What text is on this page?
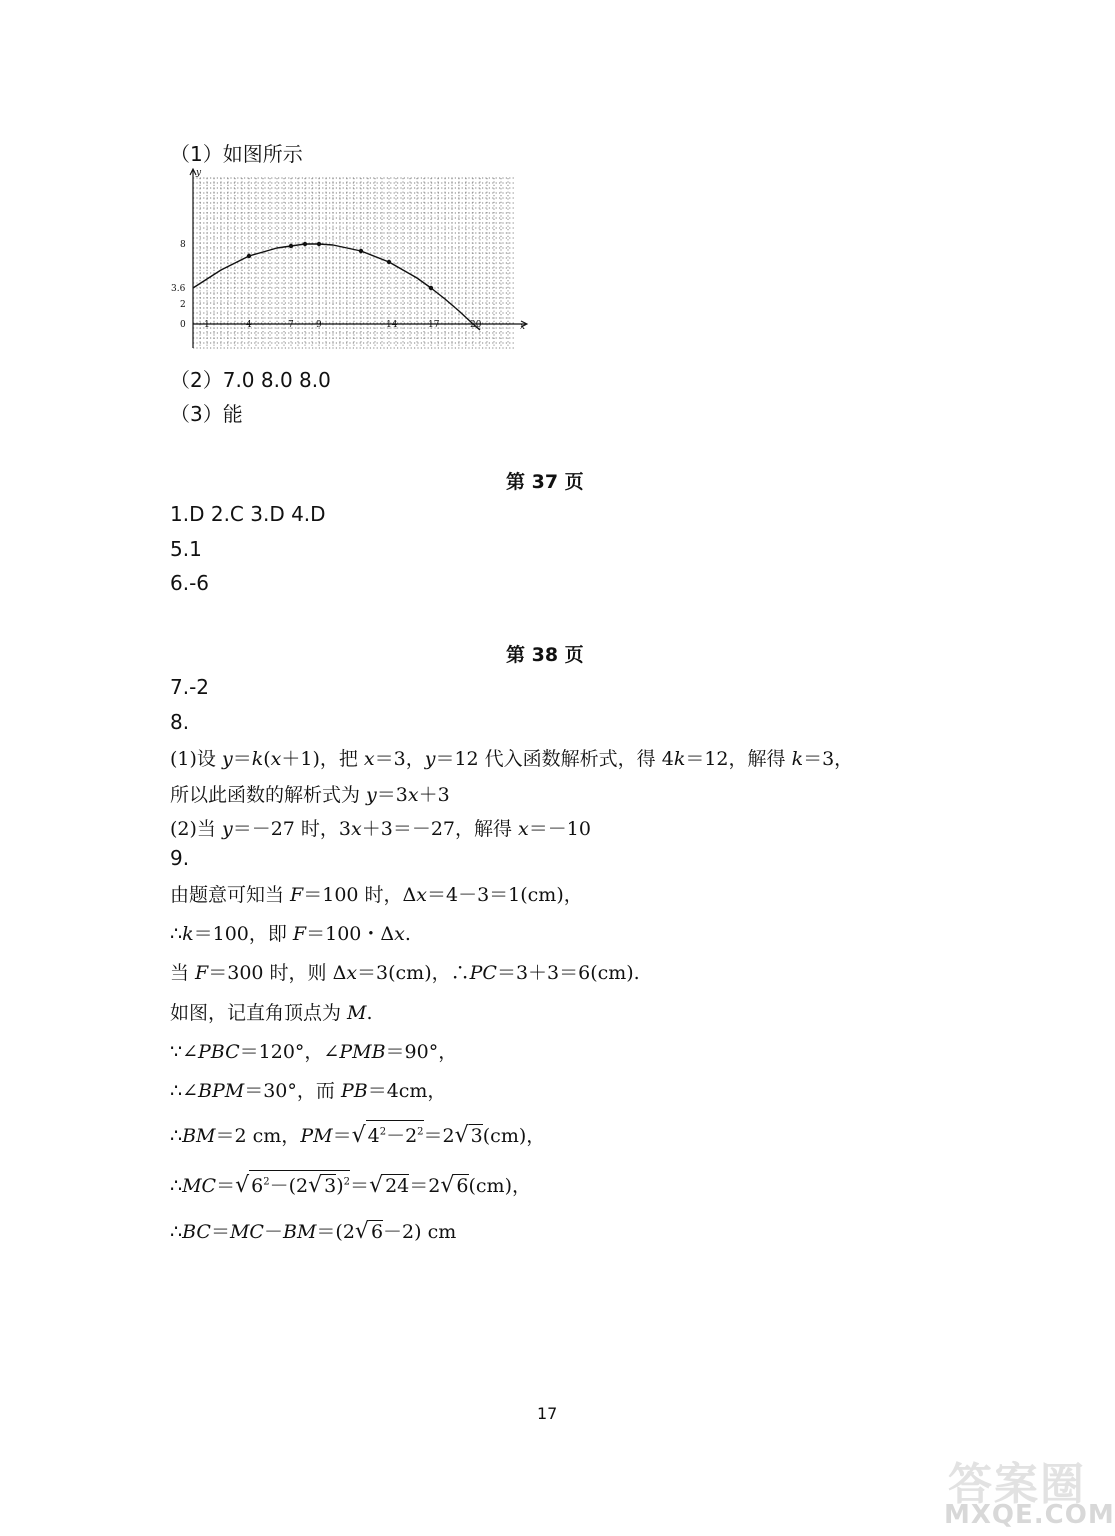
（1）如图所示
y
x
0
2
3.6
8
1	4	7 9	14	17	20
（2）7.0 8.0 8.0
（3）能
第 37 页
1.D 2.C 3.D 4.D
5.1
6.-6
第 38 页
7.-2
8.
(1)设 y＝k(x＋1)，把 x＝3，y＝12 代入函数解析式，得 4k＝12，解得 k＝3，
所以此函数的解析式为 y＝3x＋3
(2)当 y＝－27 时，3x＋3＝－27，解得 x＝－10
9.
由题意可知当 F＝100 时，Δx＝4－3＝1(cm)，
∴k＝100，即 F＝100・Δx.
当 F＝300 时，则 Δx＝3(cm)，∴PC＝3＋3＝6(cm).
如图，记直角顶点为 M.
∵∠PBC＝120°，∠PMB＝90°，
∴∠BPM＝30°，而 PB＝4cm，
∴BM＝2 cm，PM＝√ $4^2-2^2=2√$ 3(cm)，
∴MC＝√ $6^2-(2√$ 3)$^2$＝√ 24＝2√ 6(cm)，
∴BC＝MC－BM＝(2√ 6－2) cm
17
答案圈
MXQE.COM
